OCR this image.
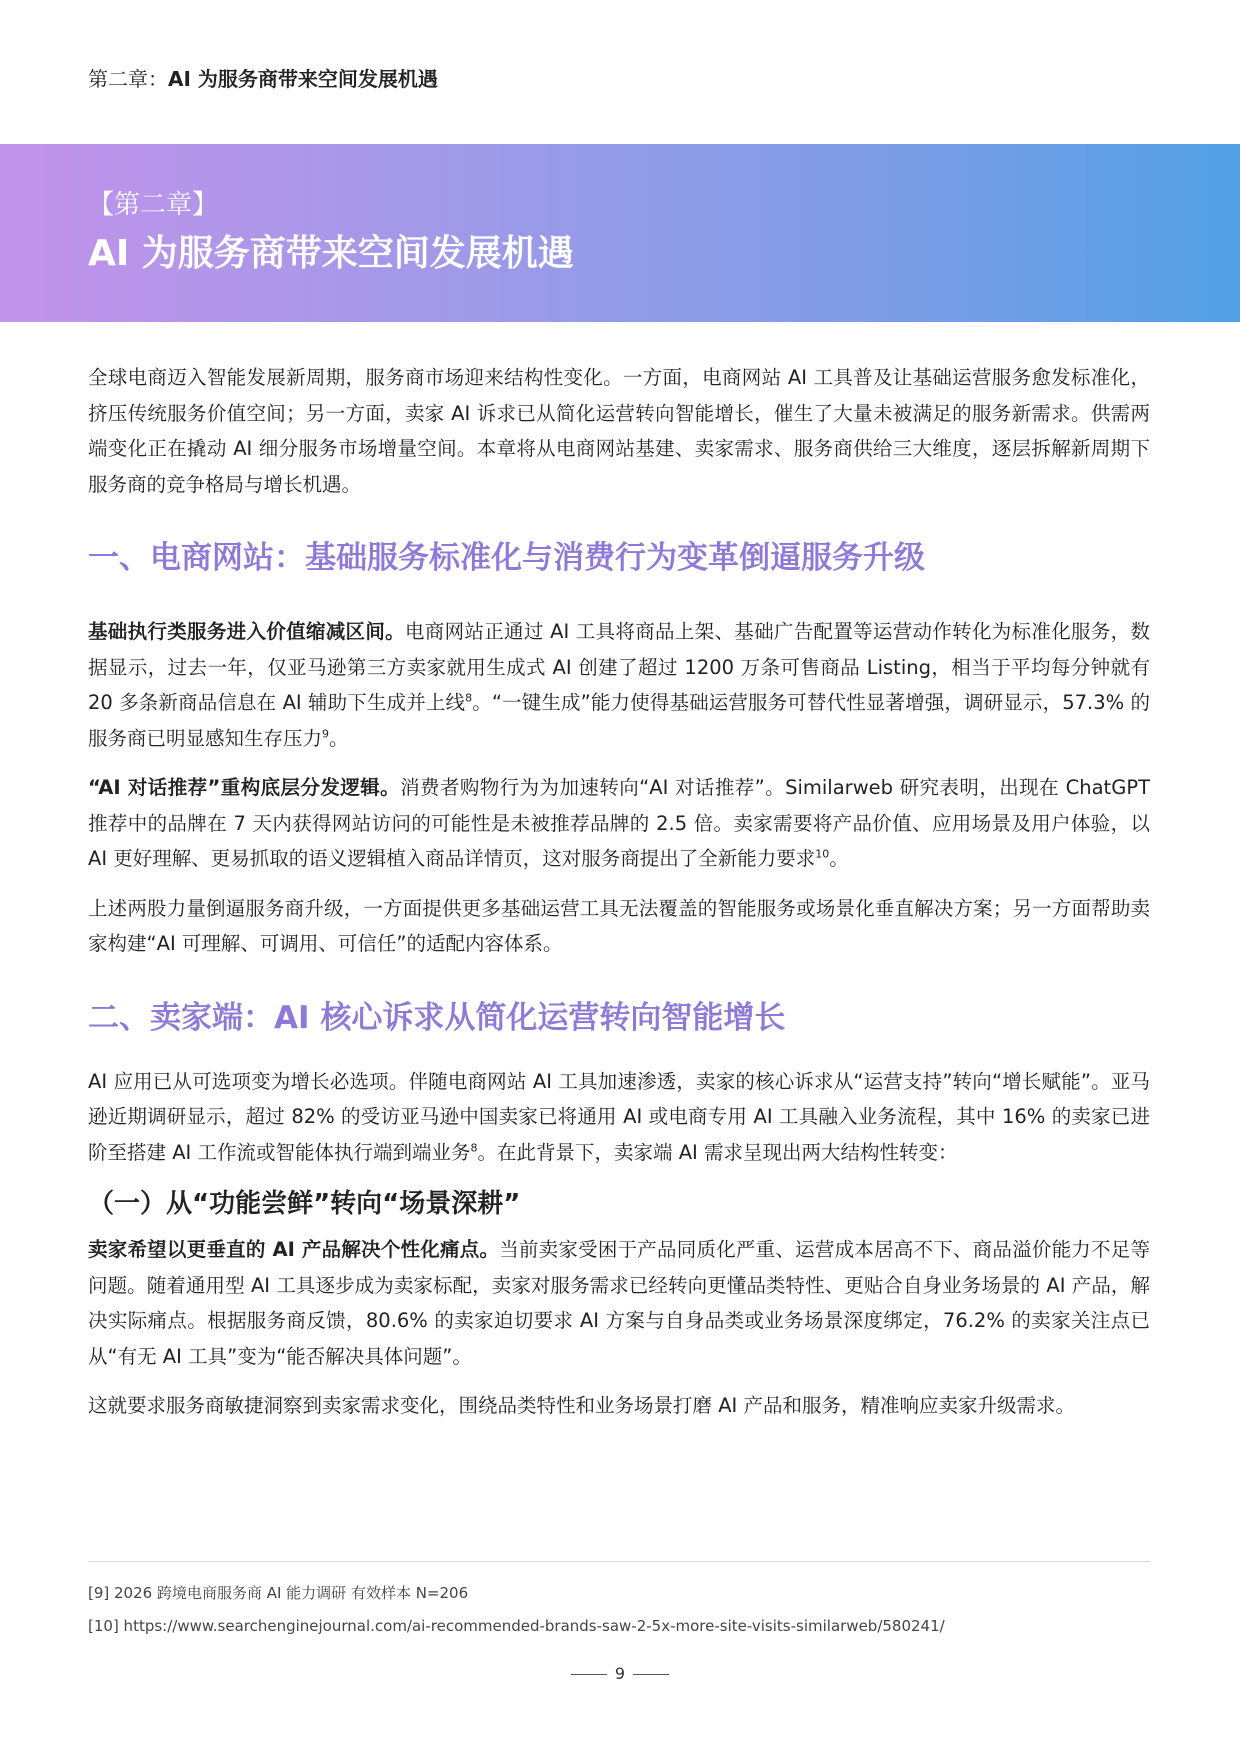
第二章：AI 为服务商带来空间发展机遇
【第二章】
AI 为服务商带来空间发展机遇

全球电商迈入智能发展新周期，服务商市场迎来结构性变化。一方面，电商网站 AI 工具普及让基础运营服务愈发标准化，挤压传统服务价值空间；另一方面，卖家 AI 诉求已从简化运营转向智能增长，催生了大量未被满足的服务新需求。供需两端变化正在撬动 AI 细分服务市场增量空间。本章将从电商网站基建、卖家需求、服务商供给三大维度，逐层拆解新周期下服务商的竞争格局与增长机遇。

一、电商网站：基础服务标准化与消费行为变革倒逼服务升级

基础执行类服务进入价值缩减区间。电商网站正通过 AI 工具将商品上架、基础广告配置等运营动作转化为标准化服务，数据显示，过去一年，仅亚马逊第三方卖家就用生成式 AI 创建了超过 1200 万条可售商品 Listing，相当于平均每分钟就有 20 多条新商品信息在 AI 辅助下生成并上线$^8$。“一键生成”能力使得基础运营服务可替代性显著增强，调研显示，57.3% 的服务商已明显感知生存压力$^9$。

“AI 对话推荐”重构底层分发逻辑。消费者购物行为为加速转向“AI 对话推荐”。Similarweb 研究表明，出现在 ChatGPT 推荐中的品牌在 7 天内获得网站访问的可能性是未被推荐品牌的 2.5 倍。卖家需要将产品价值、应用场景及用户体验，以 AI 更好理解、更易抓取的语义逻辑植入商品详情页，这对服务商提出了全新能力要求$^{10}$。

上述两股力量倒逼服务商升级，一方面提供更多基础运营工具无法覆盖的智能服务或场景化垂直解决方案；另一方面帮助卖家构建“AI 可理解、可调用、可信任”的适配内容体系。

二、卖家端：AI 核心诉求从简化运营转向智能增长

AI 应用已从可选项变为增长必选项。伴随电商网站 AI 工具加速渗透，卖家的核心诉求从“运营支持”转向“增长赋能”。亚马逊近期调研显示，超过 82% 的受访亚马逊中国卖家已将通用 AI 或电商专用 AI 工具融入业务流程，其中 16% 的卖家已进阶至搭建 AI 工作流或智能体执行端到端业务$^8$。在此背景下，卖家端 AI 需求呈现出两大结构性转变：

（一）从“功能尝鲜”转向“场景深耕”

卖家希望以更垂直的 AI 产品解决个性化痛点。当前卖家受困于产品同质化严重、运营成本居高不下、商品溢价能力不足等问题。随着通用型 AI 工具逐步成为卖家标配，卖家对服务需求已经转向更懂品类特性、更贴合自身业务场景的 AI 产品，解决实际痛点。根据服务商反馈，80.6% 的卖家迫切要求 AI 方案与自身品类或业务场景深度绑定，76.2% 的卖家关注点已从“有无 AI 工具”变为“能否解决具体问题”。

这就要求服务商敏捷洞察到卖家需求变化，围绕品类特性和业务场景打磨 AI 产品和服务，精准响应卖家升级需求。

[9] 2026 跨境电商服务商 AI 能力调研 有效样本 N=206
[10] https://www.searchenginejournal.com/ai-recommended-brands-saw-2-5x-more-site-visits-similarweb/580241/
9
